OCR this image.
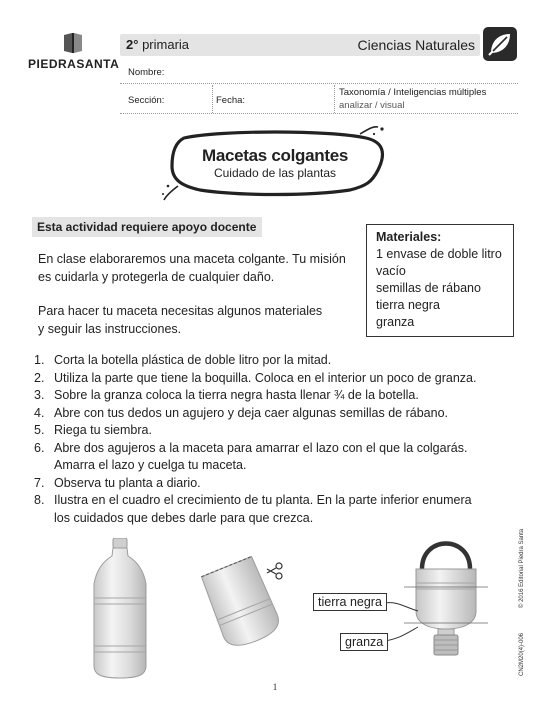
PIEDRASANTA
2° primaria	Ciencias Naturales
Nombre:
Sección:	Fecha:
Taxonomía / Inteligencias múltiples
analizar / visual
Macetas colgantes
Cuidado de las plantas
Esta actividad requiere apoyo docente
En clase elaboraremos una maceta colgante. Tu misión
es cuidarla y protegerla de cualquier daño.
Para hacer tu maceta necesitas algunos materiales
y seguir las instrucciones.
Materiales:
1 envase de doble litro
vacío
semillas de rábano
tierra negra
granza
1. Corta la botella plástica de doble litro por la mitad.
2. Utiliza la parte que tiene la boquilla. Coloca en el interior un poco de granza.
3. Sobre la granza coloca la tierra negra hasta llenar ¾ de la botella.
4. Abre con tus dedos un agujero y deja caer algunas semillas de rábano.
5. Riega tu siembra.
6. Abre dos agujeros a la maceta para amarrar el lazo con el que la colgarás.
Amarra el lazo y cuelga tu maceta.
7. Observa tu planta a diario.
8. Ilustra en el cuadro el crecimiento de tu planta. En la parte inferior enumera
los cuidados que debes darle para que crezca.
tierra negra
granza
© 2016 Editorial Piedra Santa
CN2M20(4)-006
1
